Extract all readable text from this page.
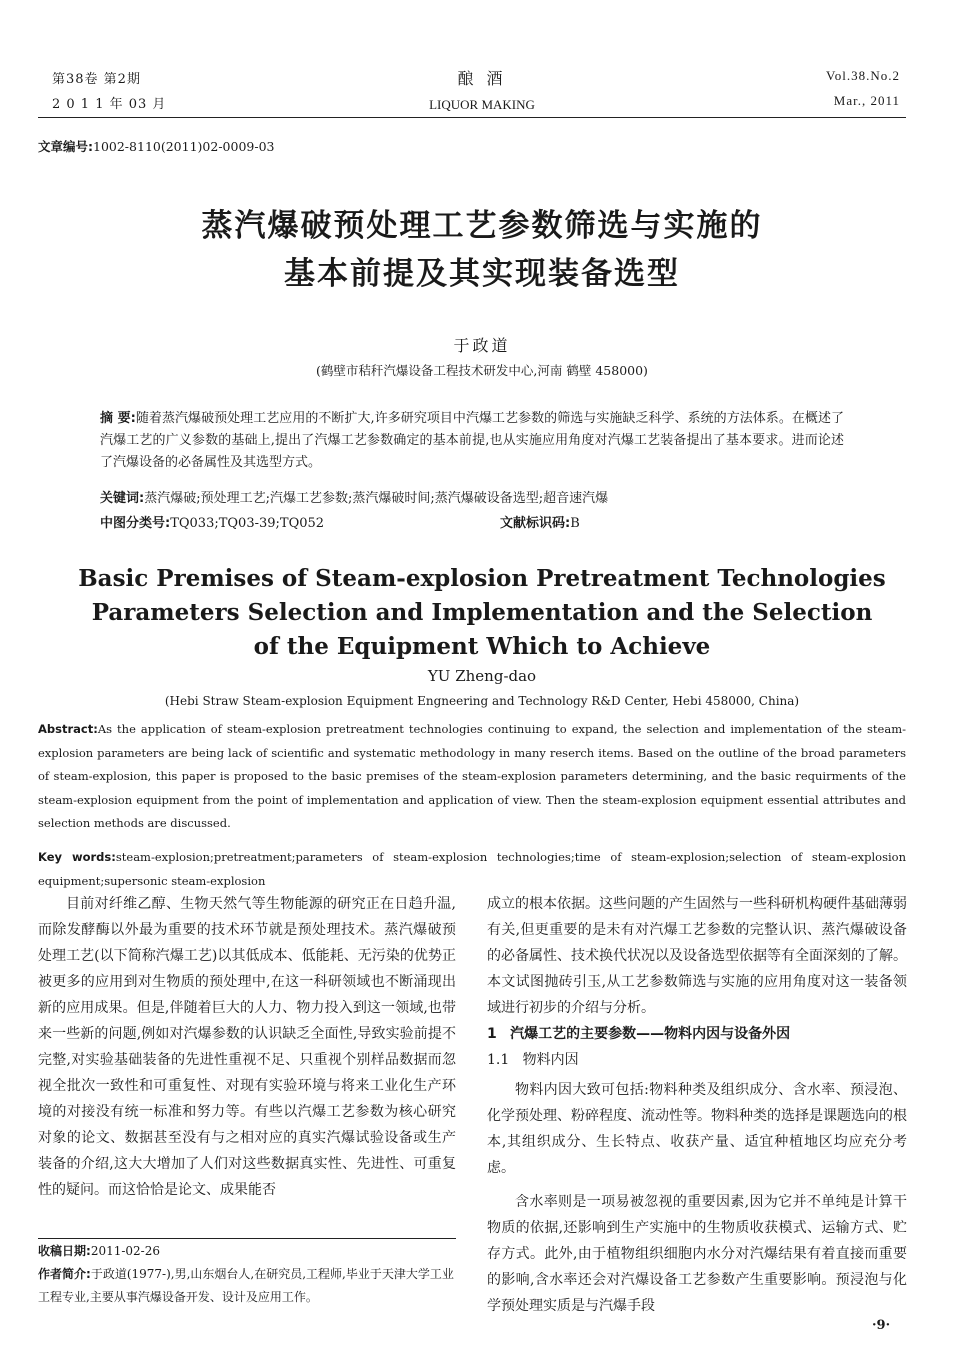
第38卷 第2期
2 0 1 1 年 03 月
酿 酒
LIQUOR MAKING
Vol.38.No.2
Mar., 2011
文章编号:1002-8110(2011)02-0009-03
蒸汽爆破预处理工艺参数筛选与实施的
基本前提及其实现装备选型
于政道
(鹤壁市秸秆汽爆设备工程技术研发中心,河南 鹤壁 458000)
摘 要:随着蒸汽爆破预处理工艺应用的不断扩大,许多研究项目中汽爆工艺参数的筛选与实施缺乏科学、系统的方法体系。在概述了汽爆工艺的广义参数的基础上,提出了汽爆工艺参数确定的基本前提,也从实施应用角度对汽爆工艺装备提出了基本要求。进而论述了汽爆设备的必备属性及其选型方式。
关键词:蒸汽爆破;预处理工艺;汽爆工艺参数;蒸汽爆破时间;蒸汽爆破设备选型;超音速汽爆
中图分类号:TQ033;TQ03-39;TQ052	文献标识码:B
Basic Premises of Steam-explosion Pretreatment Technologies
Parameters Selection and Implementation and the Selection
of the Equipment Which to Achieve
YU Zheng-dao
(Hebi Straw Steam-explosion Equipment Engneering and Technology R&D Center, Hebi 458000, China)
Abstract:As the application of steam-explosion pretreatment technologies continuing to expand, the selection and implementation of the steam-explosion parameters are being lack of scientific and systematic methodology in many reserch items. Based on the outline of the broad parameters of steam-explosion, this paper is proposed to the basic premises of the steam-explosion parameters determining, and the basic requirments of the steam-explosion equipment from the point of implementation and application of view. Then the steam-explosion equipment essential attributes and selection methods are discussed.
Key words:steam-explosion;pretreatment;parameters of steam-explosion technologies;time of steam-explosion;selection of steam-explosion equipment;supersonic steam-explosion
目前对纤维乙醇、生物天然气等生物能源的研究正在日趋升温,而除发酵酶以外最为重要的技术环节就是预处理技术。蒸汽爆破预处理工艺(以下简称汽爆工艺)以其低成本、低能耗、无污染的优势正被更多的应用到对生物质的预处理中,在这一科研领域也不断涌现出新的应用成果。但是,伴随着巨大的人力、物力投入到这一领域,也带来一些新的问题,例如对汽爆参数的认识缺乏全面性,导致实验前提不完整,对实验基础装备的先进性重视不足、只重视个别样品数据而忽视全批次一致性和可重复性、对现有实验环境与将来工业化生产环境的对接没有统一标准和努力等。有些以汽爆工艺参数为核心研究对象的论文、数据甚至没有与之相对应的真实汽爆试验设备或生产装备的介绍,这大大增加了人们对这些数据真实性、先进性、可重复性的疑问。而这恰恰是论文、成果能否
收稿日期:2011-02-26
作者简介:于政道(1977-),男,山东烟台人,在研究员,工程师,毕业于天津大学工业工程专业,主要从事汽爆设备开发、设计及应用工作。
成立的根本依据。这些问题的产生固然与一些科研机构硬件基础薄弱有关,但更重要的是未有对汽爆工艺参数的完整认识、蒸汽爆破设备的必备属性、技术换代状况以及设备选型依据等有全面深刻的了解。本文试图抛砖引玉,从工艺参数筛选与实施的应用角度对这一装备领域进行初步的介绍与分析。
1 汽爆工艺的主要参数——物料内因与设备外因
1.1 物料内因
物料内因大致可包括:物料种类及组织成分、含水率、预浸泡、化学预处理、粉碎程度、流动性等。物料种类的选择是课题选向的根本,其组织成分、生长特点、收获产量、适宜种植地区均应充分考虑。
含水率则是一项易被忽视的重要因素,因为它并不单纯是计算干物质的依据,还影响到生产实施中的生物质收获模式、运输方式、贮存方式。此外,由于植物组织细胞内水分对汽爆结果有着直接而重要的影响,含水率还会对汽爆设备工艺参数产生重要影响。预浸泡与化学预处理实质是与汽爆手段
·9·
